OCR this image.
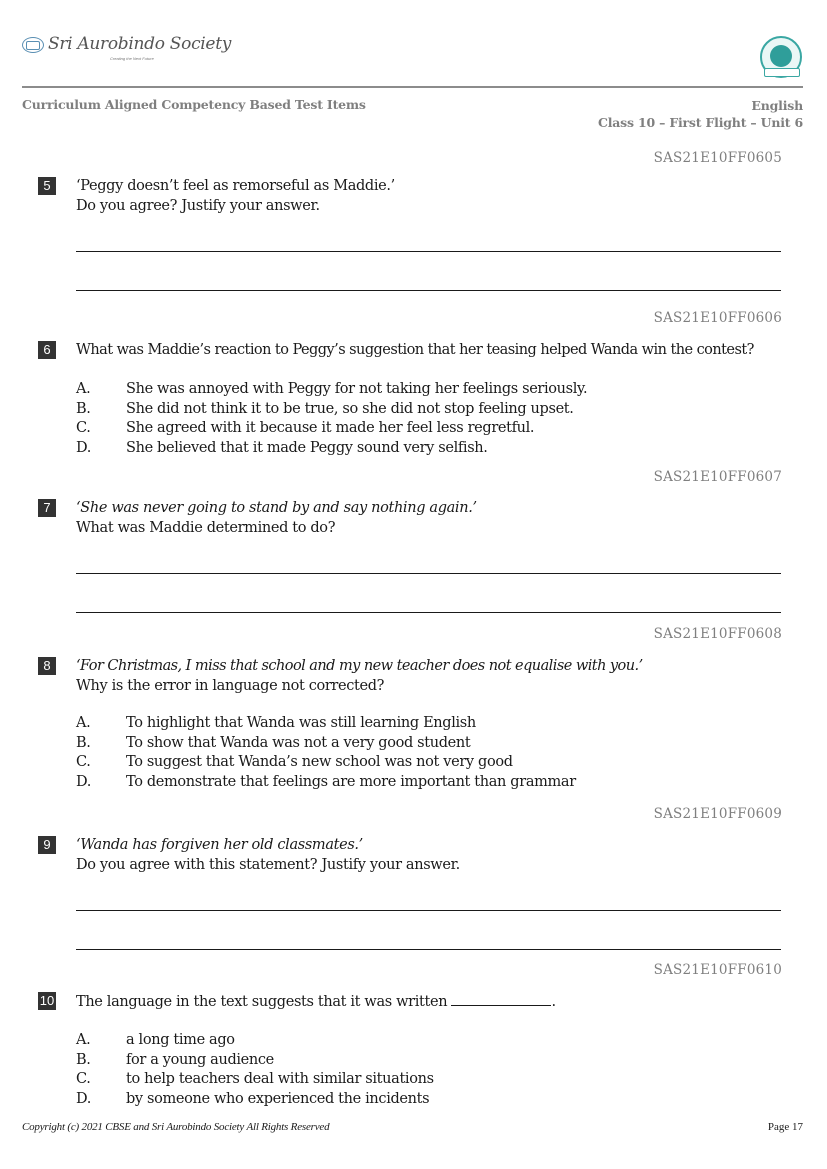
Sri Aurobindo Society
Creating the Next Future
Curriculum Aligned Competency Based Test Items	English
Class 10 – First Flight – Unit 6
SAS21E10FF0605
5	‘Peggy doesn’t feel as remorseful as Maddie.’
Do you agree? Justify your answer.
SAS21E10FF0606
6	What was Maddie’s reaction to Peggy’s suggestion that her teasing helped Wanda win the contest?
A.	She was annoyed with Peggy for not taking her feelings seriously.
B.	She did not think it to be true, so she did not stop feeling upset.
C.	She agreed with it because it made her feel less regretful.
D.	She believed that it made Peggy sound very selfish.
SAS21E10FF0607
7	‘She was never going to stand by and say nothing again.’
What was Maddie determined to do?
SAS21E10FF0608
8	‘For Christmas, I miss that school and my new teacher does not equalise with you.’
Why is the error in language not corrected?
A.	To highlight that Wanda was still learning English
B.	To show that Wanda was not a very good student
C.	To suggest that Wanda’s new school was not very good
D.	To demonstrate that feelings are more important than grammar
SAS21E10FF0609
9	‘Wanda has forgiven her old classmates.’
Do you agree with this statement? Justify your answer.
SAS21E10FF0610
10 The language in the text suggests that it was written	.
A.	a long time ago
B.	for a young audience
C.	to help teachers deal with similar situations
D.	by someone who experienced the incidents
Copyright (c) 2021 CBSE and Sri Aurobindo Society All Rights Reserved	Page 17
